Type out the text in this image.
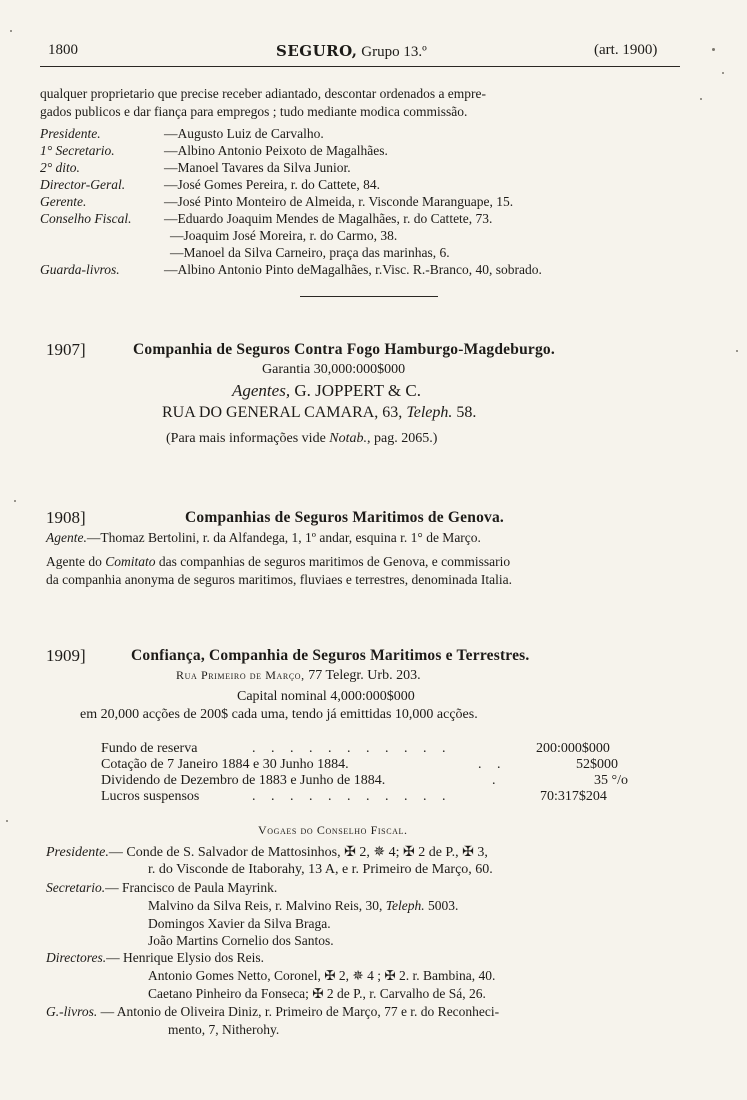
1800	SEGURO, Grupo 13.º	(art. 1900)
qualquer proprietario que precise receber adiantado, descontar ordenados a empre-
gados publicos e dar fiança para empregos ; tudo mediante modica commissão.
Presidente.	—Augusto Luiz de Carvalho.
1° Secretario.	—Albino Antonio Peixoto de Magalhães.
2° dito.	—Manoel Tavares da Silva Junior.
Director-Geral.	—José Gomes Pereira, r. do Cattete, 84.
Gerente.	—José Pinto Monteiro de Almeida, r. Visconde Maranguape, 15.
Conselho Fiscal. —Eduardo Joaquim Mendes de Magalhães, r. do Cattete, 73.
—Joaquim José Moreira, r. do Carmo, 38.
—Manoel da Silva Carneiro, praça das marinhas, 6.
Guarda-livros.	—Albino Antonio Pinto deMagalhães, r.Visc. R.-Branco, 40, sobrado.
1907]	Companhia de Seguros Contra Fogo Hamburgo-Magdeburgo.
Garantia 30,000:000$000
Agentes, G. JOPPERT & C.
RUA DO GENERAL CAMARA, 63, Teleph. 58.
(Para mais informações vide Notab., pag. 2065.)
1908]	Companhias de Seguros Maritimos de Genova.
Agente.—Thomaz Bertolini, r. da Alfandega, 1, 1º andar, esquina r. 1° de Março.
Agente do Comitato das companhias de seguros maritimos de Genova, e commissario
da companhia anonyma de seguros maritimos, fluviaes e terrestres, denominada Italia.
1909]	Confiança, Companhia de Seguros Maritimos e Terrestres.
Rua Primeiro de Março, 77 Telegr. Urb. 203.
Capital nominal 4,000:000$000
em 20,000 acções de 200$ cada uma, tendo já emittidas 10,000 acções.
Fundo de reserva	. . . . . . . . . . .	200:000$000
Cotação de 7 Janeiro 1884 e 30 Junho 1884.	. .	52$000
Dividendo de Dezembro de 1883 e Junho de 1884.	.	35 °/o
Lucros suspensos	. . . . . . . . . . .	70:317$204
Vogaes do Conselho Fiscal.
Presidente.— Conde de S. Salvador de Mattosinhos, ✠ 2, ✵ 4; ✠ 2 de P., ✠ 3,
r. do Visconde de Itaborahy, 13 A, e r. Primeiro de Março, 60.
Secretario.— Francisco de Paula Mayrink.
Malvino da Silva Reis, r. Malvino Reis, 30, Teleph. 5003.
Domingos Xavier da Silva Braga.
João Martins Cornelio dos Santos.
Directores.— Henrique Elysio dos Reis.
Antonio Gomes Netto, Coronel, ✠ 2, ✵ 4 ; ✠ 2. r. Bambina, 40.
Caetano Pinheiro da Fonseca; ✠ 2 de P., r. Carvalho de Sá, 26.
G.-livros. — Antonio de Oliveira Diniz, r. Primeiro de Março, 77 e r. do Reconheci-
mento, 7, Nitherohy.
